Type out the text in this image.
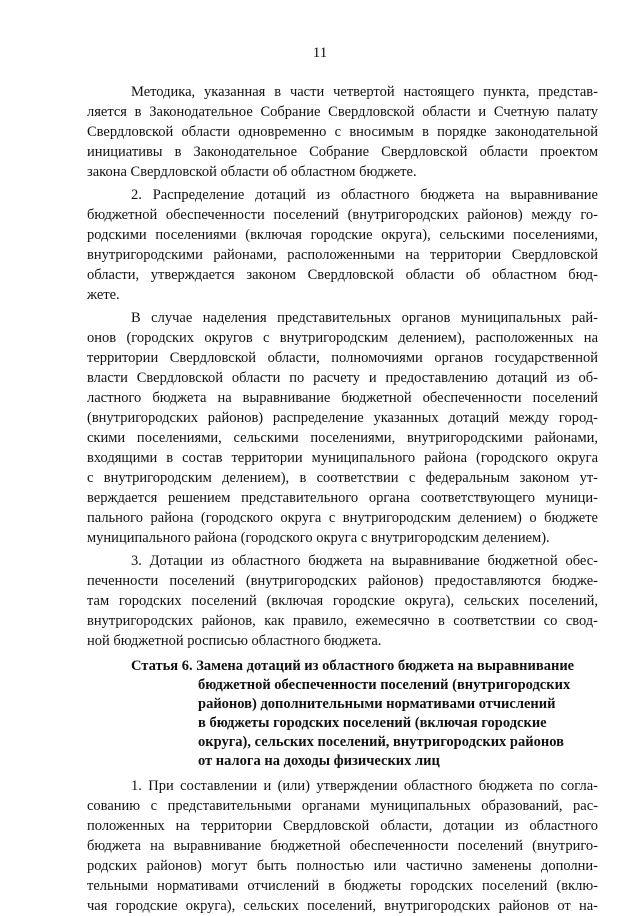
11
Методика, указанная в части четвертой настоящего пункта, представ-
ляется в Законодательное Собрание Свердловской области и Счетную палату
Свердловской области одновременно с вносимым в порядке законодательной
инициативы в Законодательное Собрание Свердловской области проектом
закона Свердловской области об областном бюджете.
2. Распределение дотаций из областного бюджета на выравнивание
бюджетной обеспеченности поселений (внутригородских районов) между го-
родскими поселениями (включая городские округа), сельскими поселениями,
внутригородскими районами, расположенными на территории Свердловской
области, утверждается законом Свердловской области об областном бюд-
жете.
В случае наделения представительных органов муниципальных рай-
онов (городских округов с внутригородским делением), расположенных на
территории Свердловской области, полномочиями органов государственной
власти Свердловской области по расчету и предоставлению дотаций из об-
ластного бюджета на выравнивание бюджетной обеспеченности поселений
(внутригородских районов) распределение указанных дотаций между город-
скими поселениями, сельскими поселениями, внутригородскими районами,
входящими в состав территории муниципального района (городского округа
с внутригородским делением), в соответствии с федеральным законом ут-
верждается решением представительного органа соответствующего муници-
пального района (городского округа с внутригородским делением) о бюджете
муниципального района (городского округа с внутригородским делением).
3. Дотации из областного бюджета на выравнивание бюджетной обес-
печенности поселений (внутригородских районов) предоставляются бюдже-
там городских поселений (включая городские округа), сельских поселений,
внутригородских районов, как правило, ежемесячно в соответствии со свод-
ной бюджетной росписью областного бюджета.
Статья 6. Замена дотаций из областного бюджета на выравнивание
бюджетной обеспеченности поселений (внутригородских
районов) дополнительными нормативами отчислений
в бюджеты городских поселений (включая городские
округа), сельских поселений, внутригородских районов
от налога на доходы физических лиц
1. При составлении и (или) утверждении областного бюджета по согла-
сованию с представительными органами муниципальных образований, рас-
положенных на территории Свердловской области, дотации из областного
бюджета на выравнивание бюджетной обеспеченности поселений (внутриго-
родских районов) могут быть полностью или частично заменены дополни-
тельными нормативами отчислений в бюджеты городских поселений (вклю-
чая городские округа), сельских поселений, внутригородских районов от на-
